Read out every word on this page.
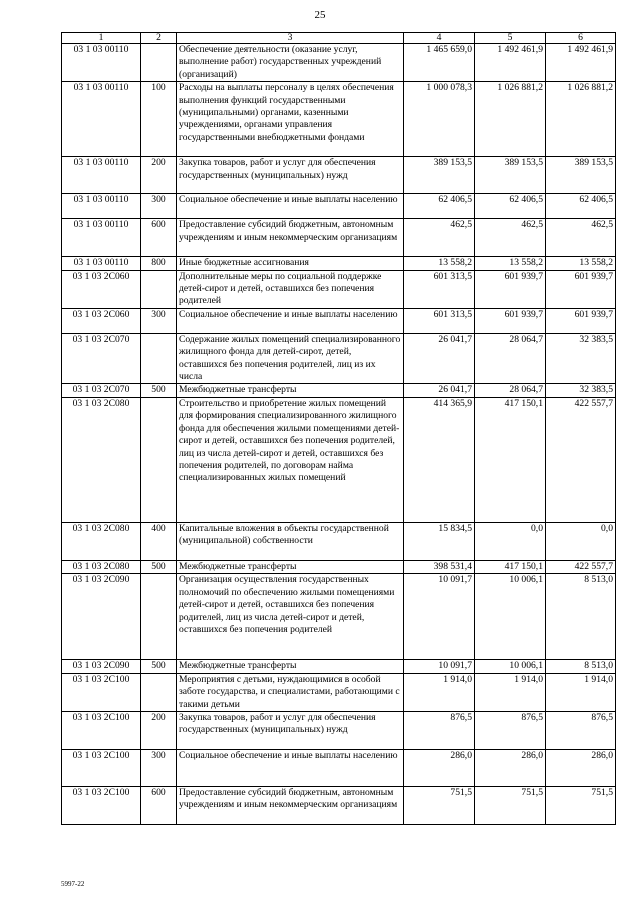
25
1	2	3	4	5	6
03 1 03 00110		Обеспечение деятельности (оказание услуг, выполнение работ) государственных учреждений (организаций)	1 465 659,0	1 492 461,9	1 492 461,9
03 1 03 00110	100	Расходы на выплаты персоналу в целях обеспечения выполнения функций государственными (муниципальными) органами, казенными учреждениями, органами управления государственными внебюджетными фондами	1 000 078,3	1 026 881,2	1 026 881,2
03 1 03 00110	200	Закупка товаров, работ и услуг для обеспечения государственных (муниципальных) нужд	389 153,5	389 153,5	389 153,5
03 1 03 00110	300	Социальное обеспечение и иные выплаты населению	62 406,5	62 406,5	62 406,5
03 1 03 00110	600	Предоставление субсидий бюджетным, автономным учреждениям и иным некоммерческим организациям	462,5	462,5	462,5
03 1 03 00110	800	Иные бюджетные ассигнования	13 558,2	13 558,2	13 558,2
03 1 03 2C060		Дополнительные меры по социальной поддержке детей-сирот и детей, оставшихся без попечения родителей	601 313,5	601 939,7	601 939,7
03 1 03 2C060	300	Социальное обеспечение и иные выплаты населению	601 313,5	601 939,7	601 939,7
03 1 03 2C070		Содержание жилых помещений специализированного жилищного фонда для детей-сирот, детей, оставшихся без попечения родителей, лиц из их числа	26 041,7	28 064,7	32 383,5
03 1 03 2C070	500	Межбюджетные трансферты	26 041,7	28 064,7	32 383,5
03 1 03 2C080		Строительство и приобретение жилых помещений для формирования специализированного жилищного фонда для обеспечения жилыми помещениями детей-сирот и детей, оставшихся без попечения родителей, лиц из числа детей-сирот и детей, оставшихся без попечения родителей, по договорам найма специализированных жилых помещений	414 365,9	417 150,1	422 557,7
03 1 03 2C080	400	Капитальные вложения в объекты государственной (муниципальной) собственности	15 834,5	0,0	0,0
03 1 03 2C080	500	Межбюджетные трансферты	398 531,4	417 150,1	422 557,7
03 1 03 2C090		Организация осуществления государственных полномочий по обеспечению жилыми помещениями детей-сирот и детей, оставшихся без попечения родителей, лиц из числа детей-сирот и детей, оставшихся без попечения родителей	10 091,7	10 006,1	8 513,0
03 1 03 2C090	500	Межбюджетные трансферты	10 091,7	10 006,1	8 513,0
03 1 03 2C100		Мероприятия с детьми, нуждающимися в особой заботе государства, и специалистами, работающими с такими детьми	1 914,0	1 914,0	1 914,0
03 1 03 2C100	200	Закупка товаров, работ и услуг для обеспечения государственных (муниципальных) нужд	876,5	876,5	876,5
03 1 03 2C100	300	Социальное обеспечение и иные выплаты населению	286,0	286,0	286,0
03 1 03 2C100	600	Предоставление субсидий бюджетным, автономным учреждениям и иным некоммерческим организациям	751,5	751,5	751,5
5997-22
